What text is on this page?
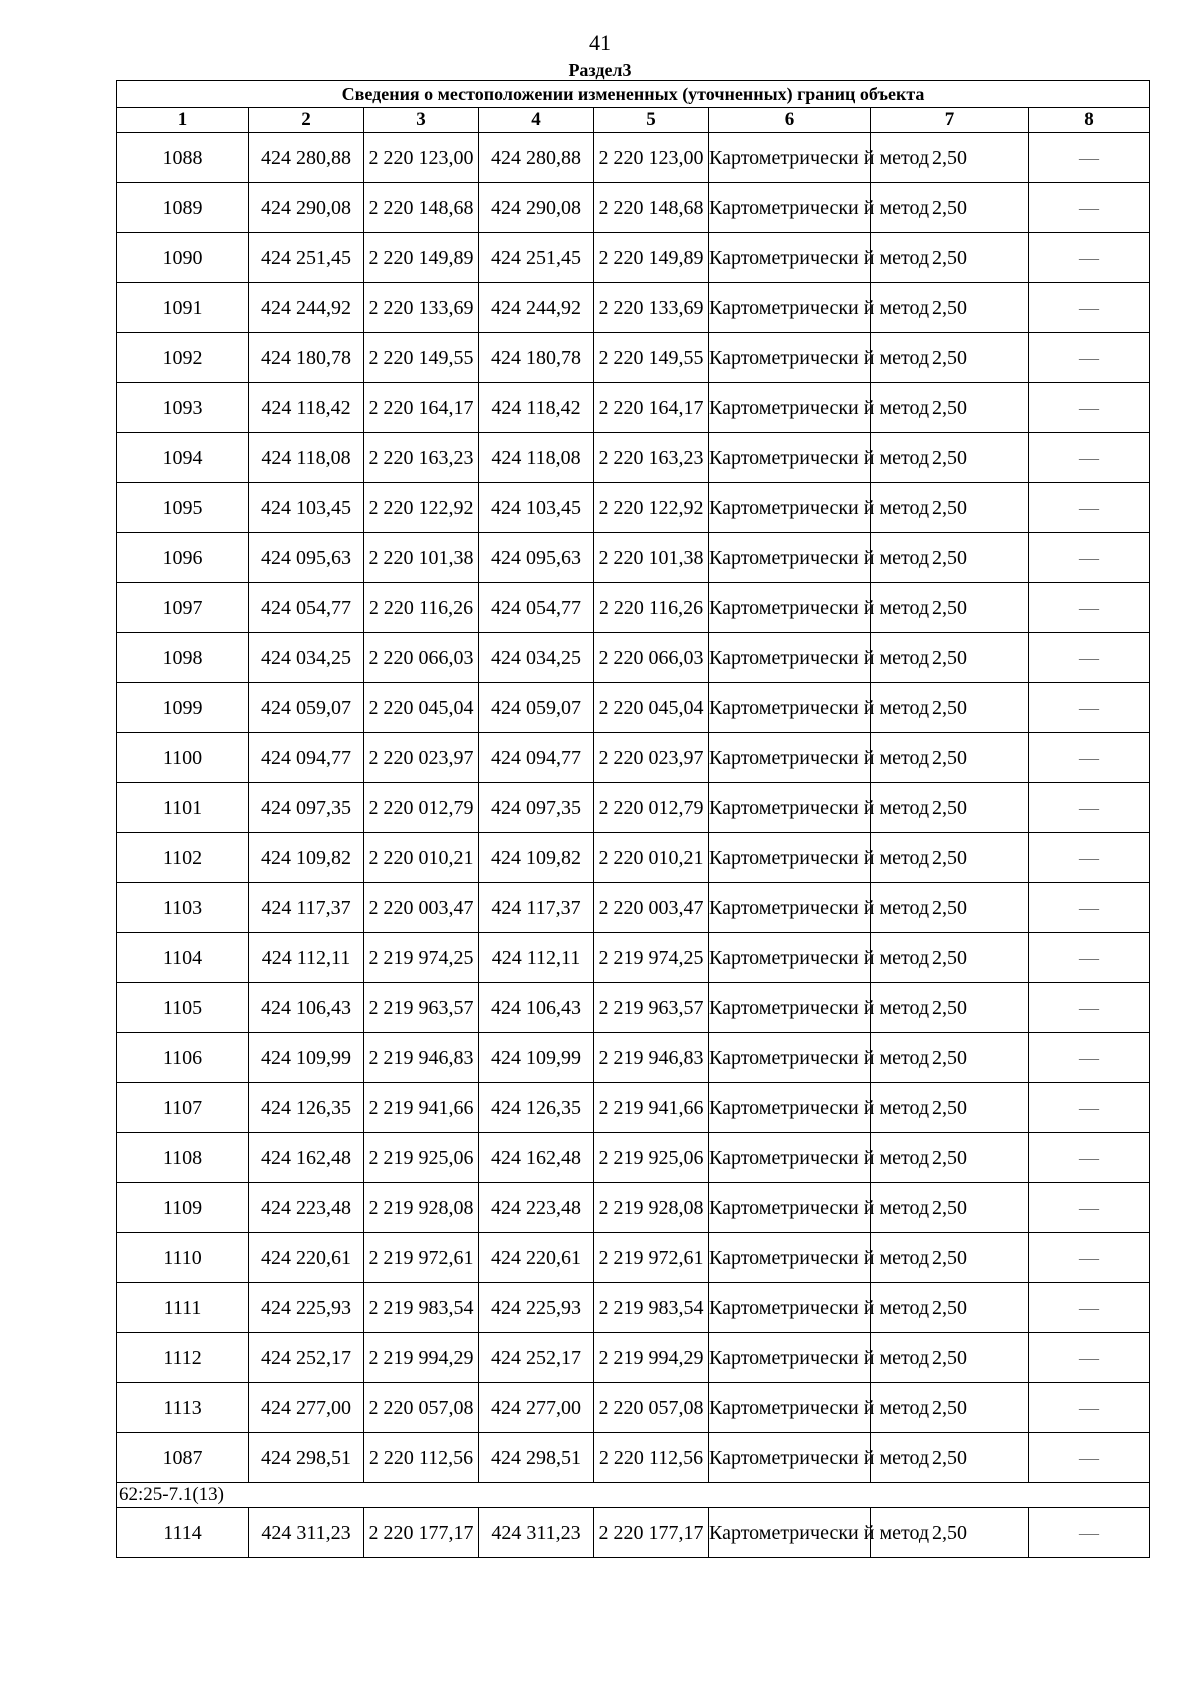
41
Раздел3
Сведения о местоположении измененных (уточненных) границ объекта							
1	2	3	4	5	6	7	8
1088	424 280,88	2 220 123,00	424 280,88	2 220 123,00	Картометрически й метод	2,50	—
1089	424 290,08	2 220 148,68	424 290,08	2 220 148,68	Картометрически й метод	2,50	—
1090	424 251,45	2 220 149,89	424 251,45	2 220 149,89	Картометрически й метод	2,50	—
1091	424 244,92	2 220 133,69	424 244,92	2 220 133,69	Картометрически й метод	2,50	—
1092	424 180,78	2 220 149,55	424 180,78	2 220 149,55	Картометрически й метод	2,50	—
1093	424 118,42	2 220 164,17	424 118,42	2 220 164,17	Картометрически й метод	2,50	—
1094	424 118,08	2 220 163,23	424 118,08	2 220 163,23	Картометрически й метод	2,50	—
1095	424 103,45	2 220 122,92	424 103,45	2 220 122,92	Картометрически й метод	2,50	—
1096	424 095,63	2 220 101,38	424 095,63	2 220 101,38	Картометрически й метод	2,50	—
1097	424 054,77	2 220 116,26	424 054,77	2 220 116,26	Картометрически й метод	2,50	—
1098	424 034,25	2 220 066,03	424 034,25	2 220 066,03	Картометрически й метод	2,50	—
1099	424 059,07	2 220 045,04	424 059,07	2 220 045,04	Картометрически й метод	2,50	—
1100	424 094,77	2 220 023,97	424 094,77	2 220 023,97	Картометрически й метод	2,50	—
1101	424 097,35	2 220 012,79	424 097,35	2 220 012,79	Картометрически й метод	2,50	—
1102	424 109,82	2 220 010,21	424 109,82	2 220 010,21	Картометрически й метод	2,50	—
1103	424 117,37	2 220 003,47	424 117,37	2 220 003,47	Картометрически й метод	2,50	—
1104	424 112,11	2 219 974,25	424 112,11	2 219 974,25	Картометрически й метод	2,50	—
1105	424 106,43	2 219 963,57	424 106,43	2 219 963,57	Картометрически й метод	2,50	—
1106	424 109,99	2 219 946,83	424 109,99	2 219 946,83	Картометрически й метод	2,50	—
1107	424 126,35	2 219 941,66	424 126,35	2 219 941,66	Картометрически й метод	2,50	—
1108	424 162,48	2 219 925,06	424 162,48	2 219 925,06	Картометрически й метод	2,50	—
1109	424 223,48	2 219 928,08	424 223,48	2 219 928,08	Картометрически й метод	2,50	—
1110	424 220,61	2 219 972,61	424 220,61	2 219 972,61	Картометрически й метод	2,50	—
1111	424 225,93	2 219 983,54	424 225,93	2 219 983,54	Картометрически й метод	2,50	—
1112	424 252,17	2 219 994,29	424 252,17	2 219 994,29	Картометрически й метод	2,50	—
1113	424 277,00	2 220 057,08	424 277,00	2 220 057,08	Картометрически й метод	2,50	—
1087	424 298,51	2 220 112,56	424 298,51	2 220 112,56	Картометрически й метод	2,50	—
62:25-7.1(13)							
1114	424 311,23	2 220 177,17	424 311,23	2 220 177,17	Картометрически й метод	2,50	—
